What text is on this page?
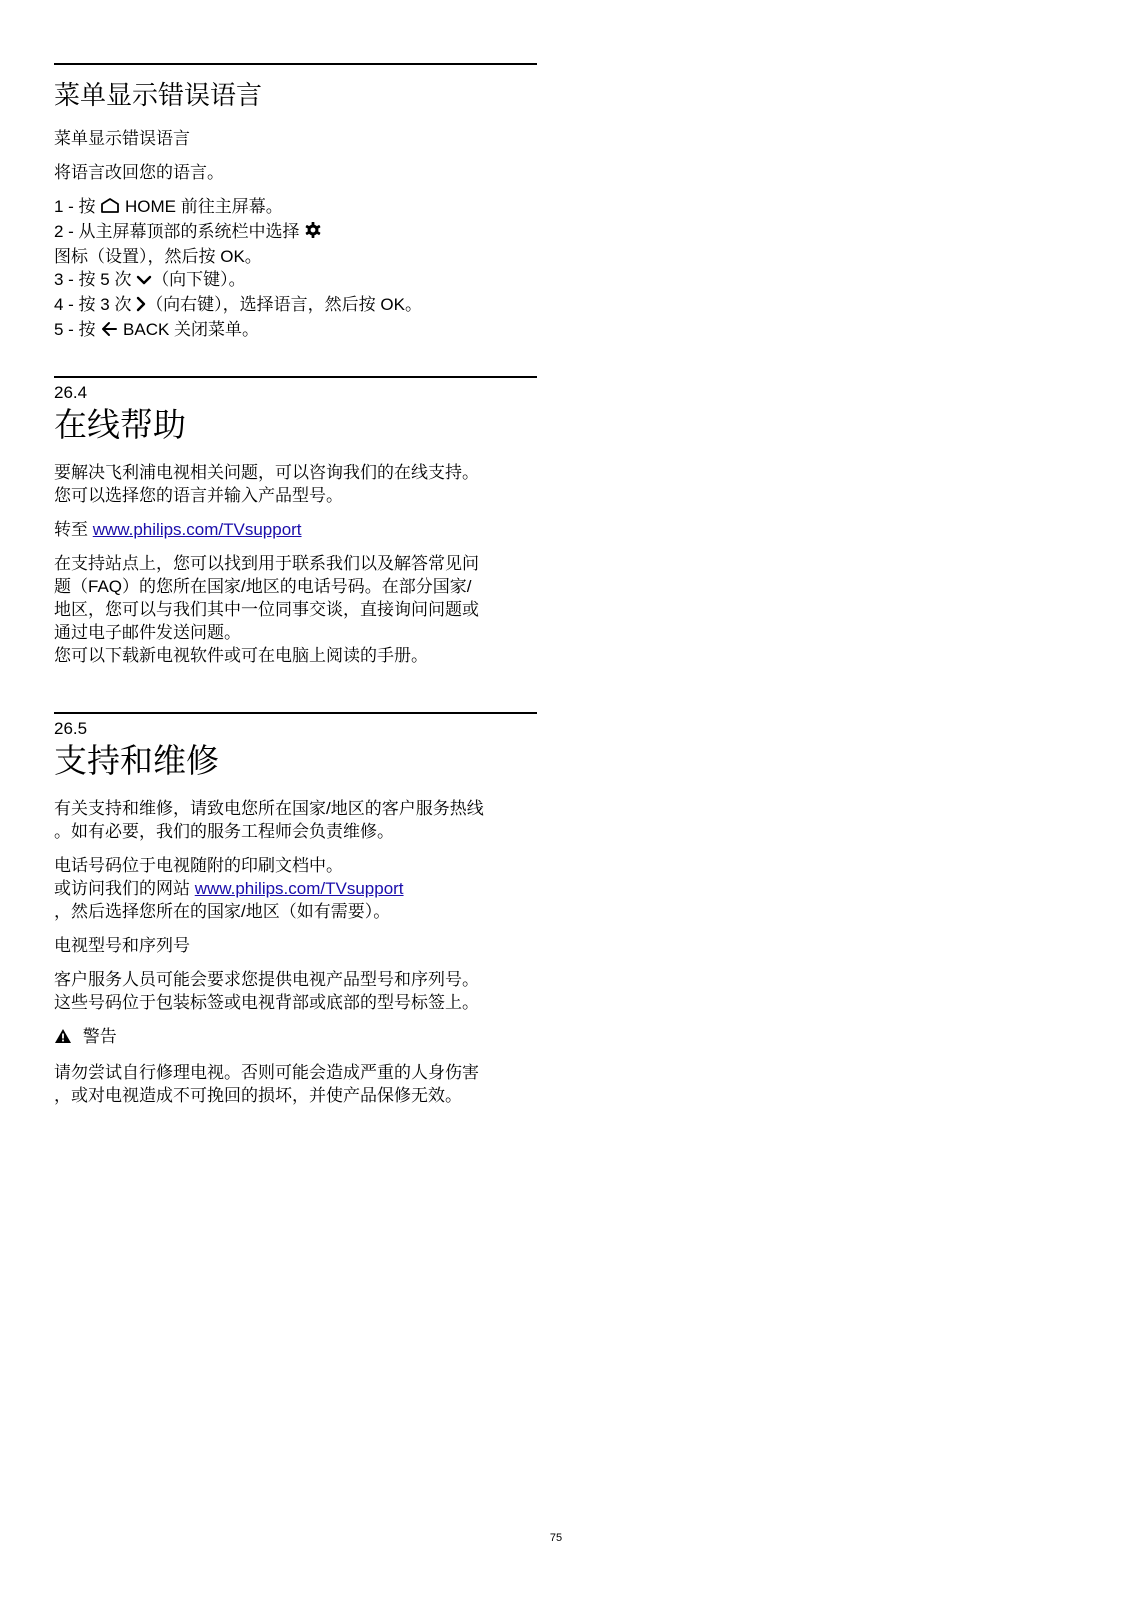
菜单显示错误语言
菜单显示错误语言
将语言改回您的语言。
1 - 按  HOME 前往主屏幕。
2 - 从主屏幕顶部的系统栏中选择
图标（设置），然后按 OK。
3 - 按 5 次 （向下键）。
4 - 按 3 次 （向右键），选择语言，然后按 OK。
5 - 按  BACK 关闭菜单。
26.4
在线帮助
要解决飞利浦电视相关问题，可以咨询我们的在线支持。
您可以选择您的语言并输入产品型号。
转至 www.philips.com/TVsupport
在支持站点上，您可以找到用于联系我们以及解答常见问
题（FAQ）的您所在国家/地区的电话号码。在部分国家/
地区，您可以与我们其中一位同事交谈，直接询问问题或
通过电子邮件发送问题。
您可以下载新电视软件或可在电脑上阅读的手册。
26.5
支持和维修
有关支持和维修，请致电您所在国家/地区的客户服务热线
。如有必要，我们的服务工程师会负责维修。
电话号码位于电视随附的印刷文档中。
或访问我们的网站 www.philips.com/TVsupport
，然后选择您所在的国家/地区（如有需要）。
电视型号和序列号
客户服务人员可能会要求您提供电视产品型号和序列号。
这些号码位于包装标签或电视背部或底部的型号标签上。
警告
请勿尝试自行修理电视。否则可能会造成严重的人身伤害
，或对电视造成不可挽回的损坏，并使产品保修无效。
75
